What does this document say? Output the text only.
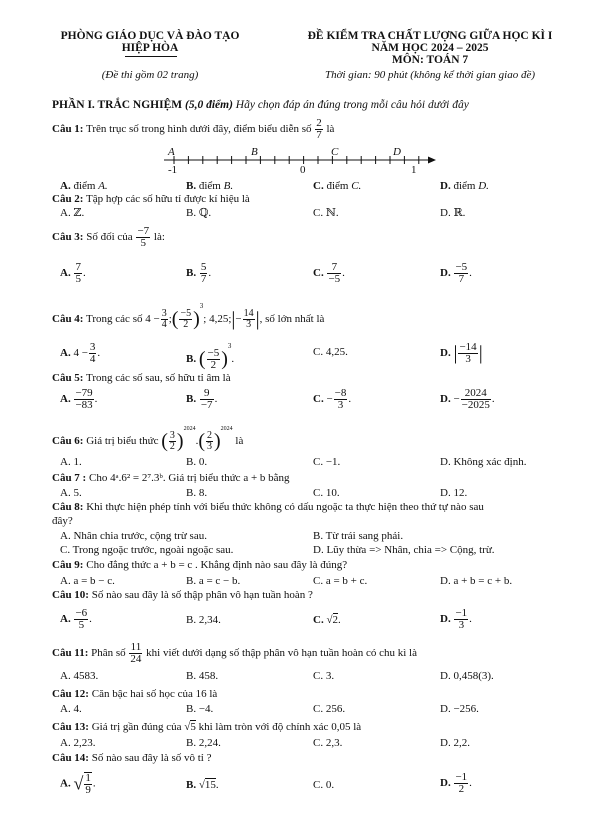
PHÒNG GIÁO DỤC VÀ ĐÀO TẠO
HIỆP HÒA
(Đề thi gồm 02 trang)
ĐỀ KIỂM TRA CHẤT LƯỢNG GIỮA HỌC KÌ I
NĂM HỌC 2024 – 2025
MÔN: TOÁN 7
Thời gian: 90 phút (không kể thời gian giao đề)
PHẦN I. TRẮC NGHIỆM (5,0 điểm) Hãy chọn đáp án đúng trong mỗi câu hỏi dưới đây
Câu 1: Trên trục số trong hình dưới đây, điểm biểu diễn số $\frac{2}{7}$ là
A	B	C	D
-1	0	1
A. điểm A.	B. điểm B.	C. điểm C.	D. điểm D.
Câu 2: Tập hợp các số hữu tỉ được kí hiệu là
A. ℤ.	B. ℚ.	C. ℕ.	D. ℝ.
Câu 3: Số đối của $\frac{-7}{5}$ là:
A. $\frac{7}{5}$ .	B. $\frac{5}{7}$ .	C. $\frac{7}{-5}$ .	D. $\frac{-5}{7}$ .
Câu 4: Trong các số $4 - \frac{3}{4}$ ;( $\frac{-5}{2} )^3$; 4,25;|− $\frac{14}{3}$ |, số lớn nhất là
A. $4 - \frac{3}{4}$ .	B. ( $\frac{-5}{2} )^3$.
C. 4,25.	D. | $\frac{-14}{3}$ |
Câu 5: Trong các số sau, số hữu tỉ âm là
A. $\frac{-79}{-83}$ .	B. $\frac{9}{-7}$ .	C. − $\frac{-8}{3}$ .	D. − $\frac{2024}{-2025}$ .
Câu 6: Giá trị biểu thức ( $\frac{3}{2} )^{2024}.( \frac{2}{3} )^{2024}$ là
A. 1.	B. 0.	C. −1.	D. Không xác định.
Câu 7 : Cho 4ᵃ.6² = 2⁷.3ᵇ. Giá trị biểu thức a + b bằng
A. 5.	B. 8.	C. 10.	D. 12.
Câu 8: Khi thực hiện phép tính với biểu thức không có dấu ngoặc ta thực hiện theo thứ tự nào sau
đây?
A. Nhân chia trước, cộng trừ sau.	B. Từ trái sang phải.
C. Trong ngoặc trước, ngoài ngoặc sau.	D. Lũy thừa => Nhân, chia => Cộng, trừ.
Câu 9: Cho đẳng thức a + b = c . Khẳng định nào sau đây là đúng?
A. a = b − c.	B. a = c − b.	C. a = b + c.	D. a + b = c + b.
Câu 10: Số nào sau đây là số thập phân vô hạn tuần hoàn ?
A. $\frac{-6}{5}$ .	B. 2,34.	C. √2.	D. $\frac{-1}{3}$ .
Câu 11: Phân số $\frac{11}{24}$ khi viết dưới dạng số thập phân vô hạn tuần hoàn có chu kì là
A. 4583.	B. 458.	C. 3.	D. 0,458(3).
Câu 12: Căn bậc hai số học của 16 là
A. 4.	B. −4.	C. 256.	D. −256.
Câu 13: Giá trị gần đúng của √5 khi làm tròn với độ chính xác 0,05 là
A. 2,23.	B. 2,24.	C. 2,3.	D. 2,2.
Câu 14: Số nào sau đây là số vô tỉ ?
A. √ $\frac{1}{9}$ .	B. √15.	C. 0.	D. $\frac{-1}{2}$ .
